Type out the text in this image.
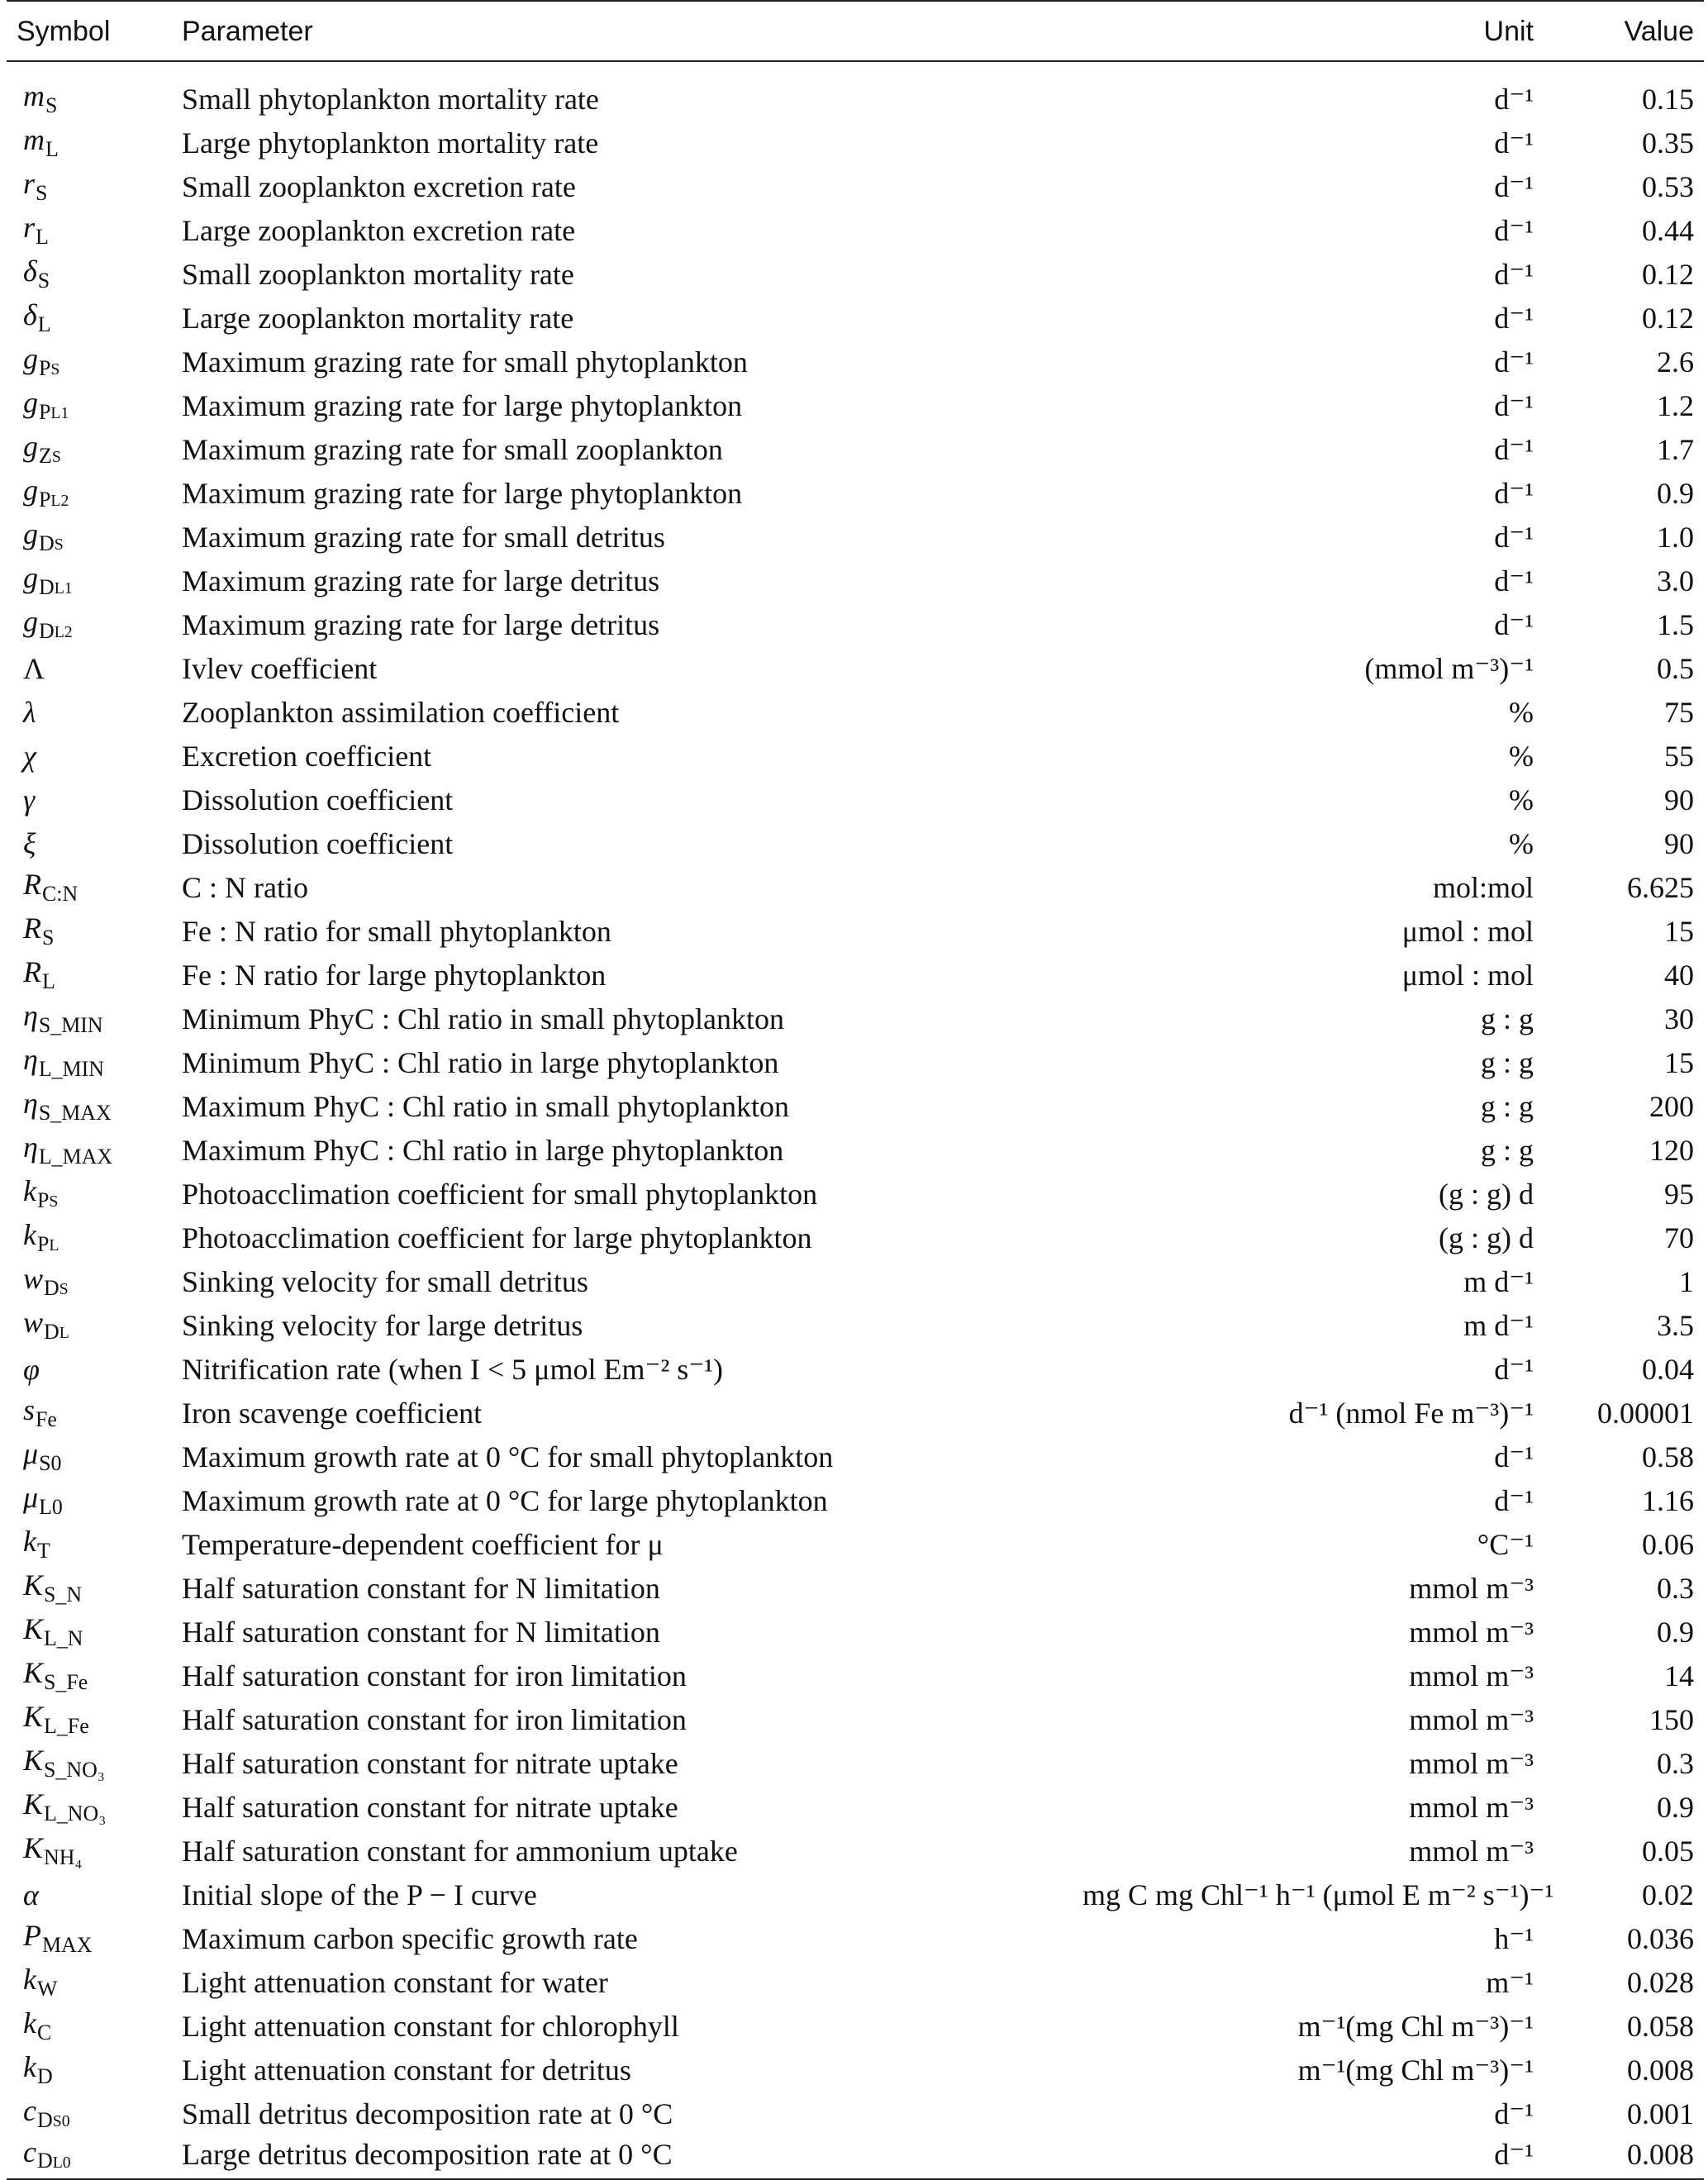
Symbol	Parameter	Unit	Value
$m_S$	Small phytoplankton mortality rate	d⁻¹	0.15
$m_L$	Large phytoplankton mortality rate	d⁻¹	0.35
$r_S$	Small zooplankton excretion rate	d⁻¹	0.53
$r_L$	Large zooplankton excretion rate	d⁻¹	0.44
$\delta_S$	Small zooplankton mortality rate	d⁻¹	0.12
$\delta_L$	Large zooplankton mortality rate	d⁻¹	0.12
$g_PS$	Maximum grazing rate for small phytoplankton	d⁻¹	2.6
$g_PL1$	Maximum grazing rate for large phytoplankton	d⁻¹	1.2
$g_ZS$	Maximum grazing rate for small zooplankton	d⁻¹	1.7
$g_PL2$	Maximum grazing rate for large phytoplankton	d⁻¹	0.9
$g_DS$	Maximum grazing rate for small detritus	d⁻¹	1.0
$g_DL1$	Maximum grazing rate for large detritus	d⁻¹	3.0
$g_DL2$	Maximum grazing rate for large detritus	d⁻¹	1.5
Λ	Ivlev coefficient	(mmol m⁻³)⁻¹	0.5
λ	Zooplankton assimilation coefficient	%	75
χ	Excretion coefficient	%	55
γ	Dissolution coefficient	%	90
ξ	Dissolution coefficient	%	90
$R_{C:N}$	C : N ratio	mol:mol	6.625
$R_S$	Fe : N ratio for small phytoplankton	μmol : mol	15
$R_L$	Fe : N ratio for large phytoplankton	μmol : mol	40
$\eta_{S\_MIN}$	Minimum PhyC : Chl ratio in small phytoplankton	g : g	30
$\eta_{L\_MIN}$	Minimum PhyC : Chl ratio in large phytoplankton	g : g	15
$\eta_{S\_MAX}$	Maximum PhyC : Chl ratio in small phytoplankton	g : g	200
$\eta_{L\_MAX}$	Maximum PhyC : Chl ratio in large phytoplankton	g : g	120
$k_PS$	Photoacclimation coefficient for small phytoplankton	(g : g) d	95
$k_PL$	Photoacclimation coefficient for large phytoplankton	(g : g) d	70
$w_DS$	Sinking velocity for small detritus	m d⁻¹	1
$w_DL$	Sinking velocity for large detritus	m d⁻¹	3.5
φ	Nitrification rate (when I < 5 μmol Em⁻² s⁻¹)	d⁻¹	0.04
$s_{Fe}$	Iron scavenge coefficient	d⁻¹ (nmol Fe m⁻³)⁻¹	0.00001
$\mu_{S0}$	Maximum growth rate at 0 °C for small phytoplankton	d⁻¹	0.58
$\mu_{L0}$	Maximum growth rate at 0 °C for large phytoplankton	d⁻¹	1.16
$k_T$	Temperature-dependent coefficient for μ	°C⁻¹	0.06
$K_{S\_N}$	Half saturation constant for N limitation	mmol m⁻³	0.3
$K_{L\_N}$	Half saturation constant for N limitation	mmol m⁻³	0.9
$K_{S\_Fe}$	Half saturation constant for iron limitation	mmol m⁻³	14
$K_{L\_Fe}$	Half saturation constant for iron limitation	mmol m⁻³	150
$K_{S\_NO_3}$	Half saturation constant for nitrate uptake	mmol m⁻³	0.3
$K_{L\_NO_3}$	Half saturation constant for nitrate uptake	mmol m⁻³	0.9
$K_{NH_4}$	Half saturation constant for ammonium uptake	mmol m⁻³	0.05
α	Initial slope of the P − I curve	mg C mg Chl⁻¹ h⁻¹ (μmol E m⁻² s⁻¹)⁻¹	0.02
$P_{MAX}$	Maximum carbon specific growth rate	h⁻¹	0.036
$k_W$	Light attenuation constant for water	m⁻¹	0.028
$k_C$	Light attenuation constant for chlorophyll	m⁻¹(mg Chl m⁻³)⁻¹	0.058
$k_D$	Light attenuation constant for detritus	m⁻¹(mg Chl m⁻³)⁻¹	0.008
$c_DS0$	Small detritus decomposition rate at 0 °C	d⁻¹	0.001
$c_DL0$	Large detritus decomposition rate at 0 °C	d⁻¹	0.008
